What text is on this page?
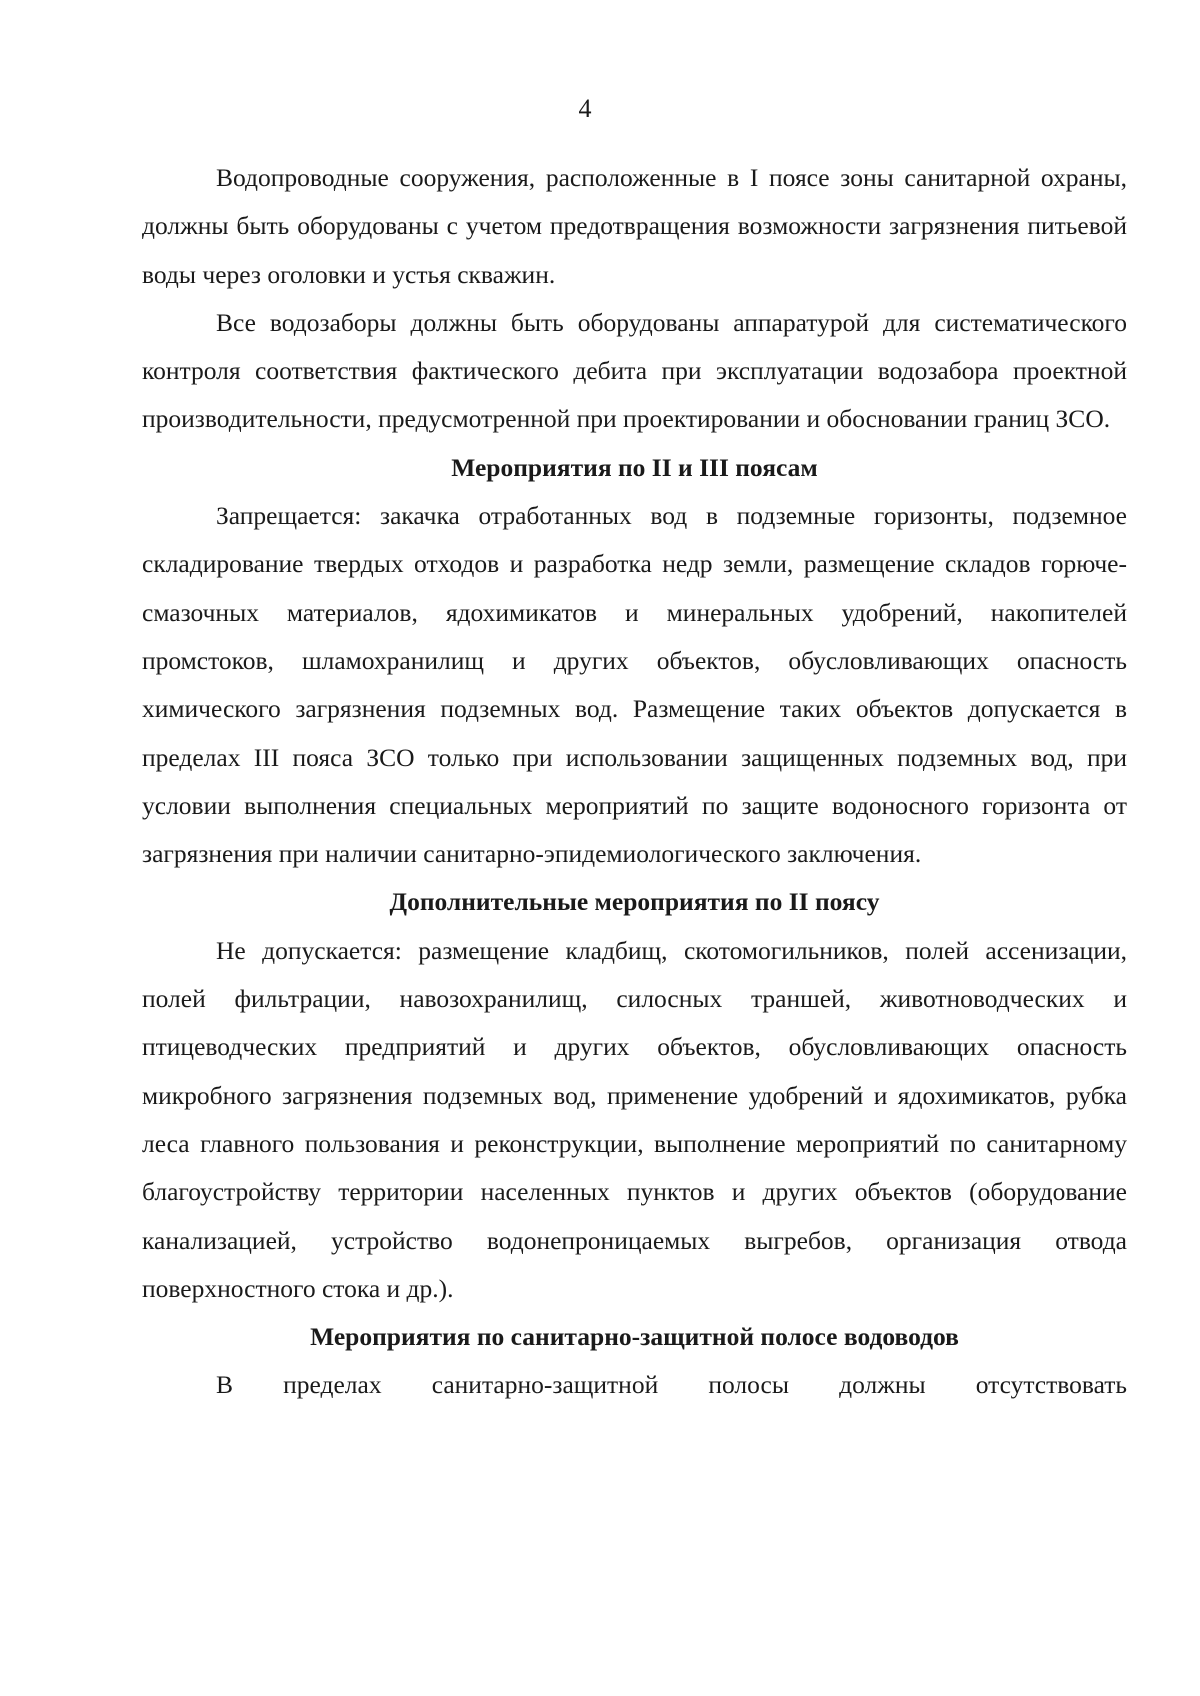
4

Водопроводные сооружения, расположенные в I поясе зоны санитарной охраны, должны быть оборудованы с учетом предотвращения возможности загрязнения питьевой воды через оголовки и устья скважин.

Все водозаборы должны быть оборудованы аппаратурой для систематического контроля соответствия фактического дебита при эксплуатации водозабора проектной производительности, предусмотренной при проектировании и обосновании границ ЗСО.

Мероприятия по II и III поясам

Запрещается: закачка отработанных вод в подземные горизонты, подземное складирование твердых отходов и разработка недр земли, размещение складов горюче-смазочных материалов, ядохимикатов и минеральных удобрений, накопителей промстоков, шламохранилищ и других объектов, обусловливающих опасность химического загрязнения подземных вод. Размещение таких объектов допускается в пределах III пояса ЗСО только при использовании защищенных подземных вод, при условии выполнения специальных мероприятий по защите водоносного горизонта от загрязнения при наличии санитарно-эпидемиологического заключения.

Дополнительные мероприятия по II поясу

Не допускается: размещение кладбищ, скотомогильников, полей ассенизации, полей фильтрации, навозохранилищ, силосных траншей, животноводческих и птицеводческих предприятий и других объектов, обусловливающих опасность микробного загрязнения подземных вод, применение удобрений и ядохимикатов, рубка леса главного пользования и реконструкции, выполнение мероприятий по санитарному благоустройству территории населенных пунктов и других объектов (оборудование канализацией, устройство водонепроницаемых выгребов, организация отвода поверхностного стока и др.).

Мероприятия по санитарно-защитной полосе водоводов

В пределах санитарно-защитной полосы должны отсутствовать
